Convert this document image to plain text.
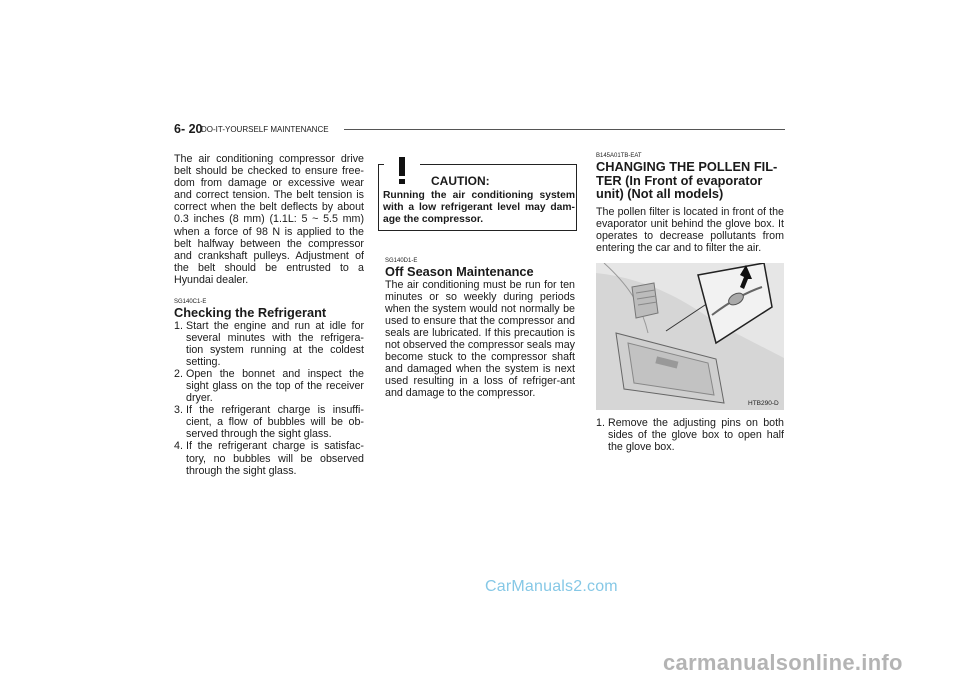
6- 20
DO-IT-YOURSELF MAINTENANCE

The air conditioning compressor drive belt should be checked to ensure free-dom from damage or excessive wear and correct tension. The belt tension is correct when the belt deflects by about 0.3 inches (8 mm) (1.1L: 5 ~ 5.5 mm) when a force of 98 N is applied to the belt halfway between the compressor and crankshaft pulleys. Adjustment of the belt should be entrusted to a Hyundai dealer.

SG140C1-E

Checking the Refrigerant

1. Start the engine and run at idle for several minutes with the refrigera-tion system running at the coldest setting.
2. Open the bonnet and inspect the sight glass on the top of the receiver dryer.
3. If the refrigerant charge is insuffi-cient, a flow of bubbles will be ob-served through the sight glass.
4. If the refrigerant charge is satisfac-tory, no bubbles will be observed through the sight glass.
CAUTION:
Running the air conditioning system with a low refrigerant level may dam-age the compressor.

SG140D1-E

Off Season Maintenance

The air conditioning must be run for ten minutes or so weekly during periods when the system would not normally be used to ensure that the compressor and seals are lubricated. If this precaution is not observed the compressor seals may become stuck to the compressor shaft and damaged when the system is next used resulting in a loss of refriger-ant and damage to the compressor.

B145A01TB-EAT

CHANGING THE POLLEN FIL-TER (In Front of evaporator unit) (Not all models)

The pollen filter is located in front of the evaporator unit behind the glove box. It operates to decrease pollutants from entering the car and to filter the air.

HTB290-D
1. Remove the adjusting pins on both sides of the glove box to open half the glove box.
CarManuals2.com
carmanualsonline.info
